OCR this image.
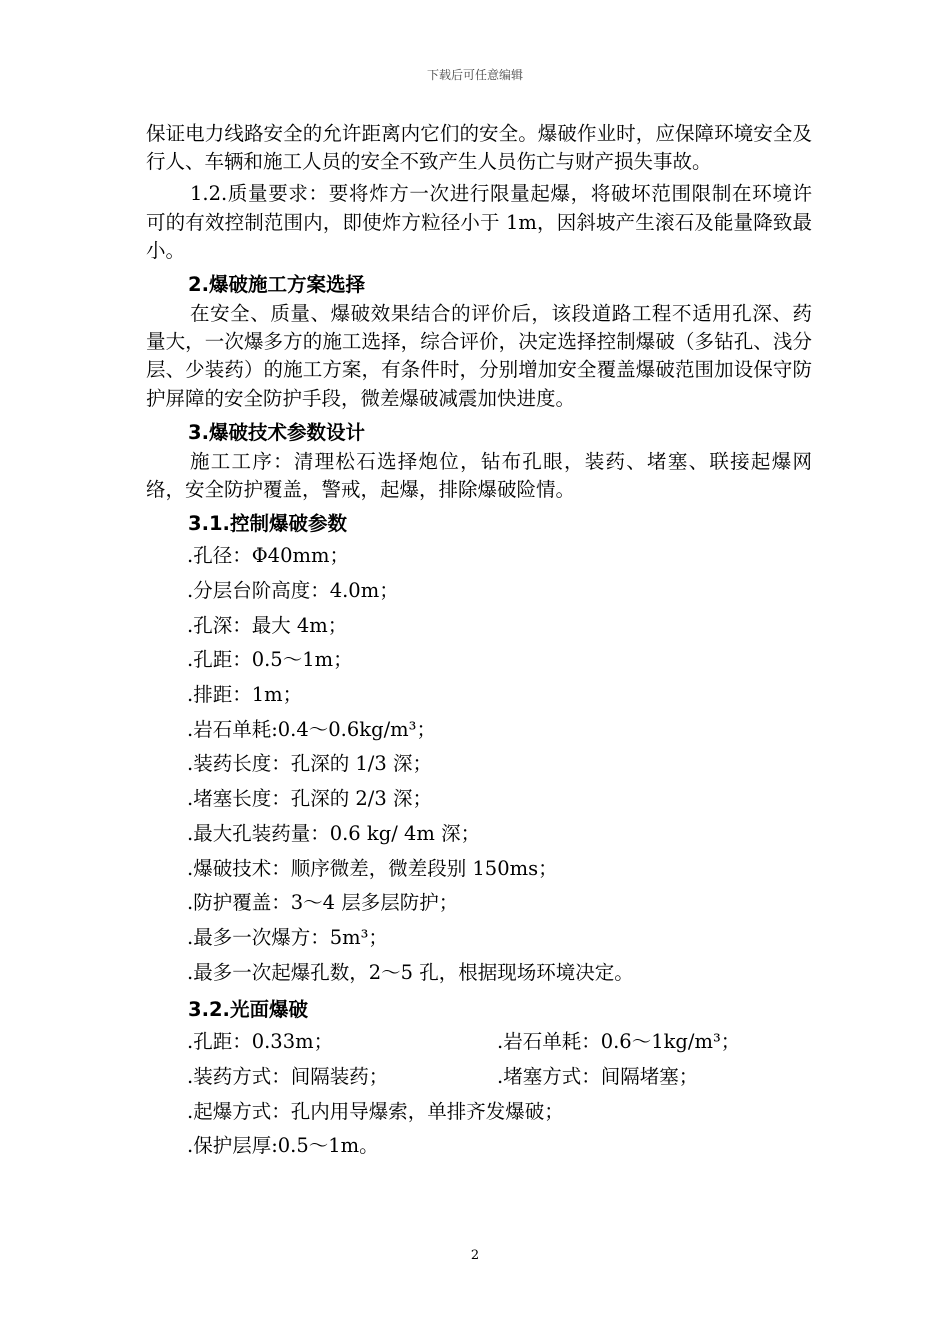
下载后可任意编辑

保证电力线路安全的允许距离内它们的安全。爆破作业时，应保障环境安全及行人、车辆和施工人员的安全不致产生人员伤亡与财产损失事故。

1.2.质量要求：要将炸方一次进行限量起爆，将破坏范围限制在环境许可的有效控制范围内，即使炸方粒径小于 1m，因斜坡产生滚石及能量降致最小。

2.爆破施工方案选择

在安全、质量、爆破效果结合的评价后，该段道路工程不适用孔深、药量大，一次爆多方的施工选择，综合评价，决定选择控制爆破（多钻孔、浅分层、少装药）的施工方案，有条件时，分别增加安全覆盖爆破范围加设保守防护屏障的安全防护手段，微差爆破减震加快进度。

3.爆破技术参数设计

施工工序：清理松石选择炮位，钻布孔眼，装药、堵塞、联接起爆网络，安全防护覆盖，警戒，起爆，排除爆破险情。

3.1.控制爆破参数
.孔径：Φ40mm；
.分层台阶高度：4.0m；
.孔深：最大 4m；
.孔距：0.5～1m；
.排距：1m；
.岩石单耗:0.4～0.6kg/m³；
.装药长度：孔深的 1/3 深；
.堵塞长度：孔深的 2/3 深；
.最大孔装药量：0.6 kg/ 4m 深；
.爆破技术：顺序微差，微差段别 150ms；
.防护覆盖：3～4 层多层防护；
.最多一次爆方：5m³；
.最多一次起爆孔数，2～5 孔，根据现场环境决定。
3.2.光面爆破
.孔距：0.33m；	.岩石单耗：0.6～1kg/m³；
.装药方式：间隔装药；	.堵塞方式：间隔堵塞；
.起爆方式：孔内用导爆索，单排齐发爆破；
.保护层厚:0.5～1m。
2
